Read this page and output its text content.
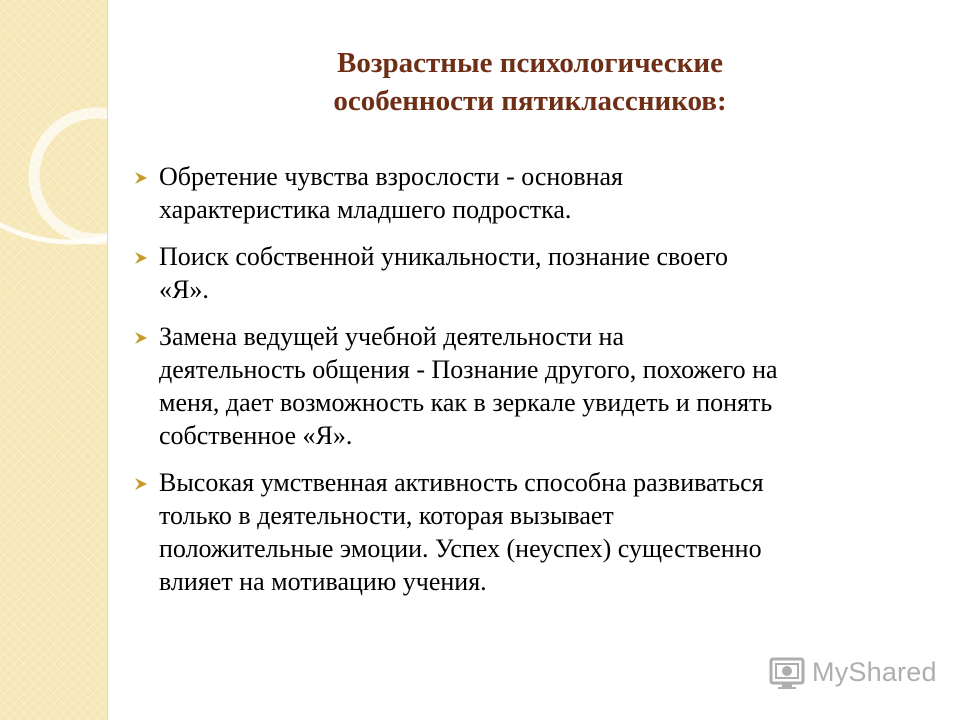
Возрастные психологические
особенности пятиклассников:
Обретение чувства взрослости - основная
характеристика младшего подростка.
Поиск собственной уникальности, познание своего
«Я».
Замена ведущей учебной деятельности на
деятельность общения - Познание другого, похожего на
меня, дает возможность как в зеркале увидеть и понять
собственное «Я».
Высокая умственная активность способна развиваться
только в деятельности, которая вызывает
положительные эмоции. Успех (неуспех) существенно
влияет на мотивацию учения.
MyShared
